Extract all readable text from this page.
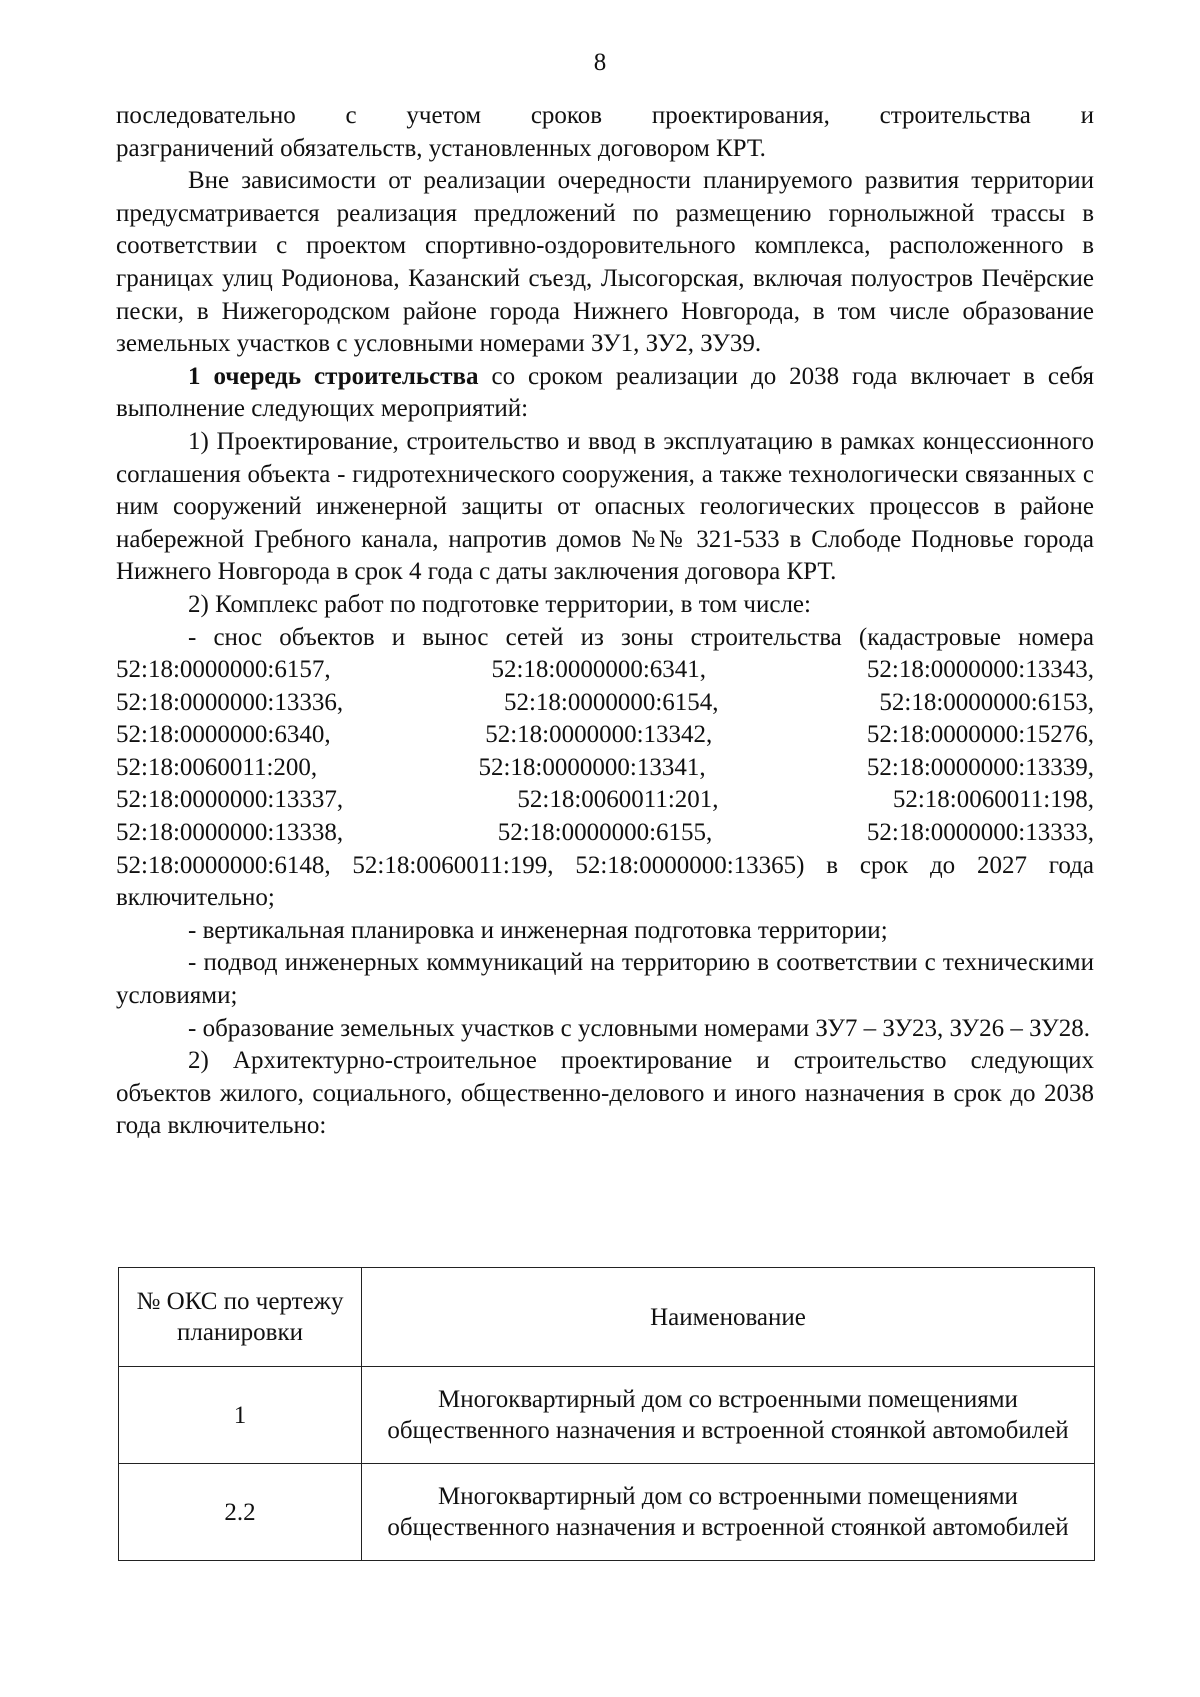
8

последовательно с учетом сроков проектирования, строительства и

разграничений обязательств, установленных договором КРТ.

Вне зависимости от реализации очередности планируемого развития территории предусматривается реализация предложений по размещению горнолыжной трассы в соответствии с проектом спортивно-оздоровительного комплекса, расположенного в границах улиц Родионова, Казанский съезд, Лысогорская, включая полуостров Печёрские пески, в Нижегородском районе города Нижнего Новгорода, в том числе образование земельных участков с условными номерами ЗУ1, ЗУ2, ЗУ39.

1 очередь строительства со сроком реализации до 2038 года включает в себя выполнение следующих мероприятий:

1) Проектирование, строительство и ввод в эксплуатацию в рамках концессионного соглашения объекта - гидротехнического сооружения, а также технологически связанных с ним сооружений инженерной защиты от опасных геологических процессов в районе набережной Гребного канала, напротив домов №№ 321-533 в Слободе Подновье города Нижнего Новгорода в срок 4 года с даты заключения договора КРТ.

2) Комплекс работ по подготовке территории, в том числе:

- снос объектов и вынос сетей из зоны строительства (кадастровые номера

52:18:0000000:6157,	52:18:0000000:6341,	52:18:0000000:13343,
52:18:0000000:13336,	52:18:0000000:6154,	52:18:0000000:6153,
52:18:0000000:6340,	52:18:0000000:13342,	52:18:0000000:15276,
52:18:0060011:200,	52:18:0000000:13341,	52:18:0000000:13339,
52:18:0000000:13337,	52:18:0060011:201,	52:18:0060011:198,
52:18:0000000:13338,	52:18:0000000:6155,	52:18:0000000:13333,

52:18:0000000:6148, 52:18:0060011:199, 52:18:0000000:13365) в срок до 2027 года включительно;

- вертикальная планировка и инженерная подготовка территории;

- подвод инженерных коммуникаций на территорию в соответствии с техническими условиями;

- образование земельных участков с условными номерами ЗУ7 – ЗУ23, ЗУ26 – ЗУ28.

2) Архитектурно-строительное проектирование и строительство следующих объектов жилого, социального, общественно-делового и иного назначения в срок до 2038 года включительно:

№ ОКС по чертежу планировки	Наименование
1	Многоквартирный дом со встроенными помещениями общественного назначения и встроенной стоянкой автомобилей
2.2	Многоквартирный дом со встроенными помещениями общественного назначения и встроенной стоянкой автомобилей
